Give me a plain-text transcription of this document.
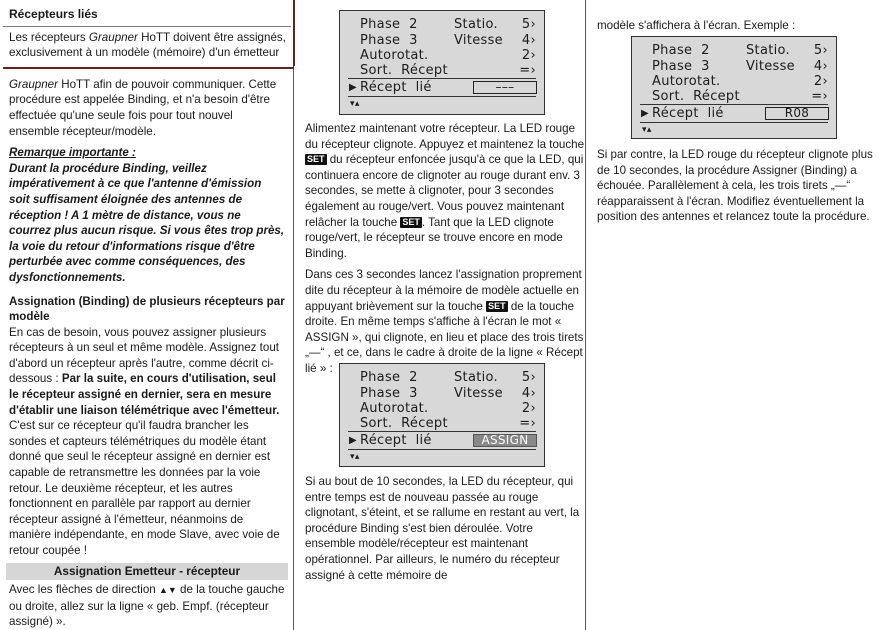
Récepteurs liés
Les récepteurs Graupner HoTT doivent être assignés, exclusivement à un modèle (mémoire) d'un émetteur

Graupner HoTT afin de pouvoir communiquer. Cette procédure est appelée Binding, et n'a besoin d'être effectuée qu'une seule fois pour tout nouvel ensemble récepteur/modèle.

Remarque importante :

Durant la procédure Binding, veillez impérativement à ce que l'antenne d'émission soit suffisament éloignée des antennes de réception ! A 1 mètre de distance, vous ne courrez plus aucun risque. Si vous êtes trop près, la voie du retour d'informations risque d'être perturbée avec comme conséquences, des dysfonctionnements.

Assignation (Binding) de plusieurs récepteurs par modèle

En cas de besoin, vous pouvez assigner plusieurs récepteurs à un seul et même modèle. Assignez tout d'abord un récepteur après l'autre, comme décrit ci-dessous : Par la suite, en cours d'utilisation, seul le récepteur assigné en dernier, sera en mesure d'établir une liaison télémétrique avec l'émetteur. C'est sur ce récepteur qu'il faudra brancher les sondes et capteurs télémétriques du modèle étant donné que seul le récepteur assigné en dernier est capable de retransmettre les données par la voie retour. Le deuxième récepteur, et les autres fonctionnent en parallèle par rapport au dernier récepteur assigné à l'émetteur, néanmoins de manière indépendante, en mode Slave, avec voie de retour coupée !

Assignation Emetteur - récepteur

Avec les flèches de direction ▲▼ de la touche gauche ou droite, allez sur la ligne « geb. Empf. (récepteur assigné) ».

Phase  2	Statio. 5›
Phase  3	Vitesse 4›
Autorotat.	2›
Sort.  Récept	=›
▶ Récept  lié	–––
▾▴

Alimentez maintenant votre récepteur. La LED rouge du récepteur clignote. Appuyez et maintenez la touche SET du récepteur enfoncée jusqu'à ce que la LED, qui continuera encore de clignoter au rouge durant env. 3 secondes, se mette à clignoter, pour 3 secondes également au rouge/vert. Vous pouvez maintenant relâcher la touche SET . Tant que la LED clignote rouge/vert, le récepteur se trouve encore en mode Binding.

Dans ces 3 secondes lancez l'assignation proprement dite du récepteur à la mémoire de modèle actuelle en appuyant brièvement sur la touche SET de la touche droite. En même temps s'affiche à l'écran le mot « ASSIGN », qui clignote, en lieu et place des trois tirets „—“ , et ce, dans le cadre à droite de la ligne « Récept lié » :

Phase  2	Statio. 5›
Phase  3	Vitesse 4›
Autorotat.	2›
Sort.  Récept	=›
▶ Récept  lié	ASSIGN
▾▴

Si au bout de 10 secondes, la LED du récepteur, qui entre temps est de nouveau passée au rouge clignotant, s'éteint, et se rallume en restant au vert, la procédure Binding s'est bien déroulée. Votre ensemble modèle/récepteur est maintenant opérationnel. Par ailleurs, le numéro du récepteur assigné à cette mémoire de

modèle s'affichera à l'écran. Exemple :

Phase  2	Statio. 5›
Phase  3	Vitesse 4›
Autorotat.	2›
Sort.  Récept	=›
▶ Récept  lié	R08
▾▴

Si par contre, la LED rouge du récepteur clignote plus de 10 secondes, la procédure Assigner (Binding) a échouée. Parallèlement à cela, les trois tirets „—“ réapparaissent à l'écran. Modifiez éventuellement la position des antennes et relancez toute la procédure.
